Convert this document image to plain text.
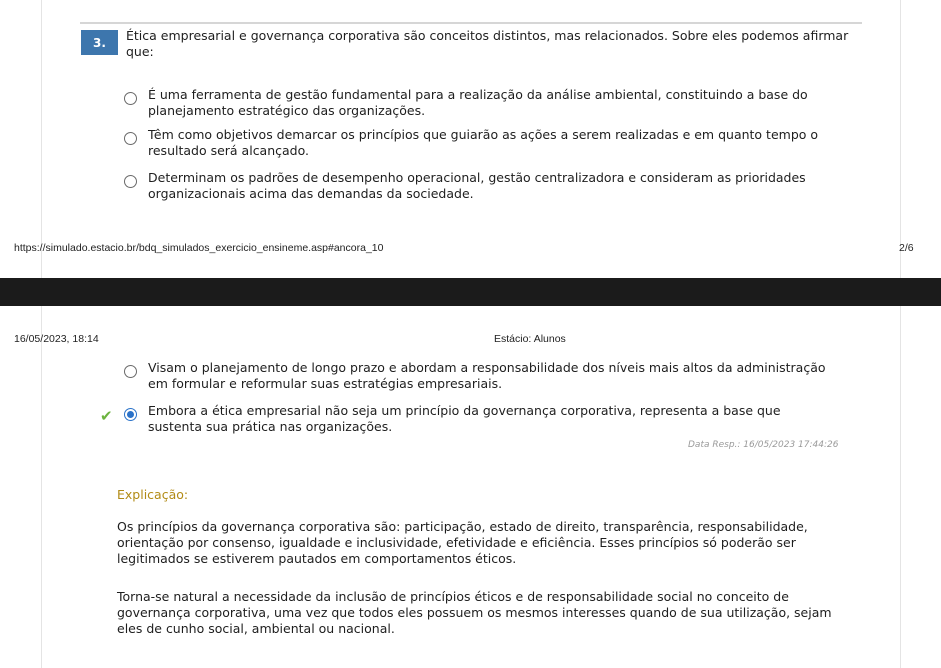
3.	Ética empresarial e governança corporativa são conceitos distintos, mas relacionados. Sobre eles podemos afirmar que:
É uma ferramenta de gestão fundamental para a realização da análise ambiental, constituindo a base do planejamento estratégico das organizações.
Têm como objetivos demarcar os princípios que guiarão as ações a serem realizadas e em quanto tempo o resultado será alcançado.
Determinam os padrões de desempenho operacional, gestão centralizadora e consideram as prioridades organizacionais acima das demandas da sociedade.
https://simulado.estacio.br/bdq_simulados_exercicio_ensineme.asp#ancora_10	2/6
16/05/2023, 18:14	Estácio: Alunos
Visam o planejamento de longo prazo e abordam a responsabilidade dos níveis mais altos da administração em formular e reformular suas estratégias empresariais.
✔	Embora a ética empresarial não seja um princípio da governança corporativa, representa a base que sustenta sua prática nas organizações.
Data Resp.: 16/05/2023 17:44:26
Explicação:
Os princípios da governança corporativa são: participação, estado de direito, transparência, responsabilidade, orientação por consenso, igualdade e inclusividade, efetividade e eficiência. Esses princípios só poderão ser legitimados se estiverem pautados em comportamentos éticos.
Torna-se natural a necessidade da inclusão de princípios éticos e de responsabilidade social no conceito de governança corporativa, uma vez que todos eles possuem os mesmos interesses quando de sua utilização, sejam eles de cunho social, ambiental ou nacional.
